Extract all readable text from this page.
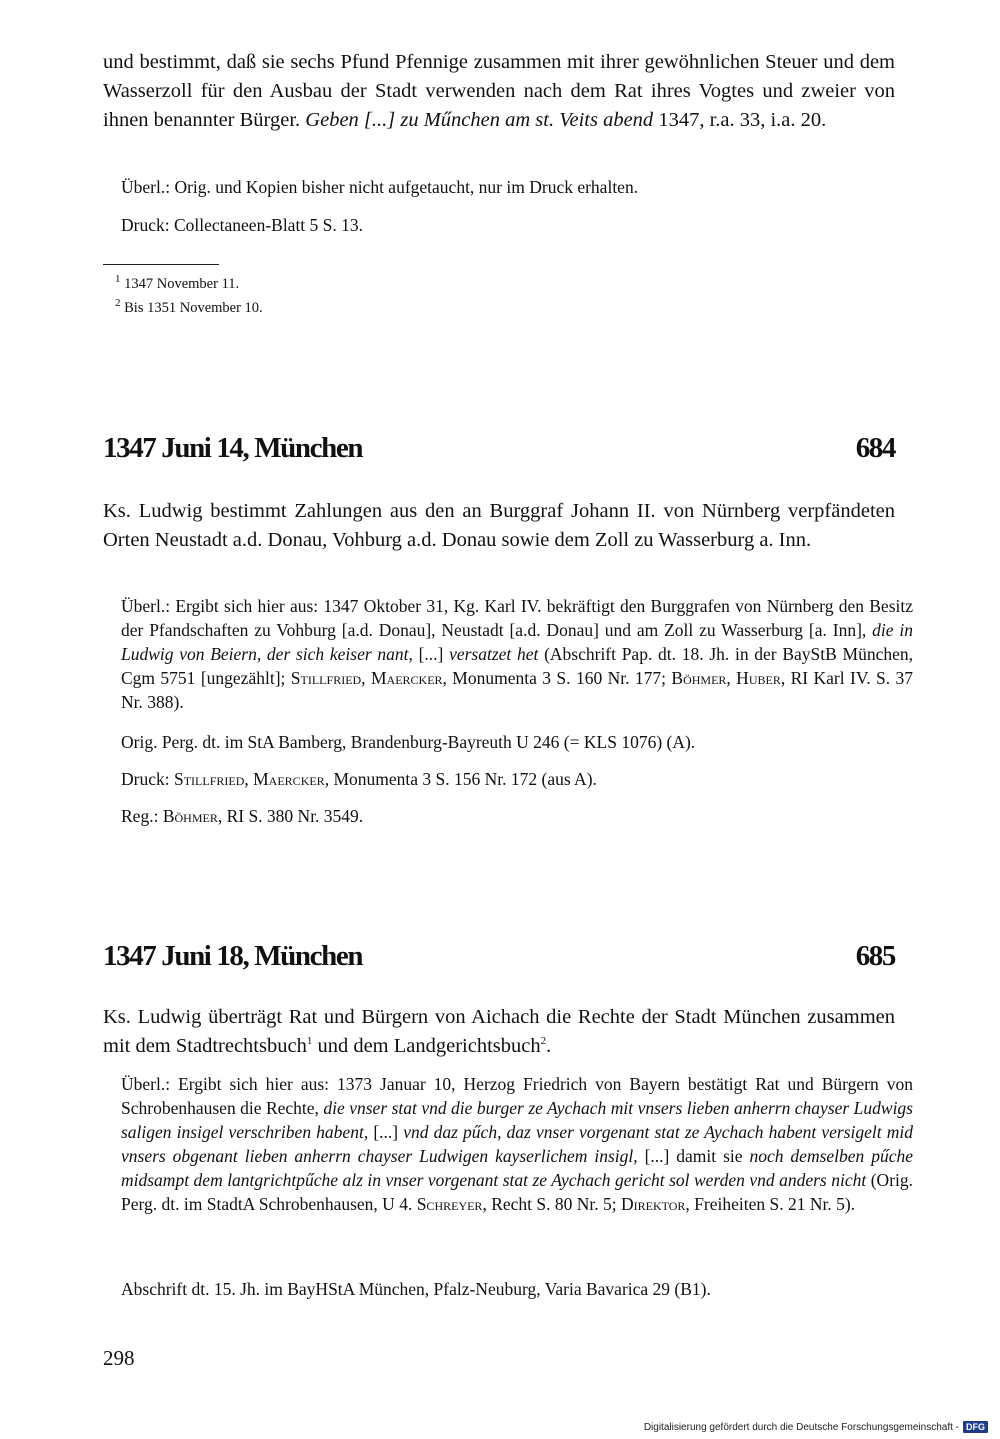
und bestimmt, daß sie sechs Pfund Pfennige zusammen mit ihrer gewöhnlichen Steuer und dem Wasserzoll für den Ausbau der Stadt verwenden nach dem Rat ihres Vogtes und zweier von ihnen benannter Bürger. Geben [...] zu Műnchen am st. Veits abend 1347, r.a. 33, i.a. 20.
Überl.: Orig. und Kopien bisher nicht aufgetaucht, nur im Druck erhalten.
Druck: Collectaneen-Blatt 5 S. 13.
$^1$ 1347 November 11.
$^2$ Bis 1351 November 10.
1347 Juni 14, München	684
Ks. Ludwig bestimmt Zahlungen aus den an Burggraf Johann II. von Nürnberg verpfändeten Orten Neustadt a.d. Donau, Vohburg a.d. Donau sowie dem Zoll zu Wasserburg a. Inn.
Überl.: Ergibt sich hier aus: 1347 Oktober 31, Kg. Karl IV. bekräftigt den Burggrafen von Nürnberg den Besitz der Pfandschaften zu Vohburg [a.d. Donau], Neustadt [a.d. Donau] und am Zoll zu Wasserburg [a. Inn], die in Ludwig von Beiern, der sich keiser nant, [...] versatzet het (Abschrift Pap. dt. 18. Jh. in der BayStB München, Cgm 5751 [ungezählt]; Stillfried, Maercker, Monumenta 3 S. 160 Nr. 177; Böhmer, Huber, RI Karl IV. S. 37 Nr. 388).
Orig. Perg. dt. im StA Bamberg, Brandenburg-Bayreuth U 246 (= KLS 1076) (A).
Druck: Stillfried, Maercker, Monumenta 3 S. 156 Nr. 172 (aus A).
Reg.: Böhmer, RI S. 380 Nr. 3549.
1347 Juni 18, München	685
Ks. Ludwig überträgt Rat und Bürgern von Aichach die Rechte der Stadt München zusammen mit dem Stadtrechtsbuch$^1$ und dem Landgerichtsbuch$^2$.
Überl.: Ergibt sich hier aus: 1373 Januar 10, Herzog Friedrich von Bayern bestätigt Rat und Bürgern von Schrobenhausen die Rechte, die vnser stat vnd die burger ze Aychach mit vnsers lieben anherrn chayser Ludwigs saligen insigel verschriben habent, [...] vnd daz pűch, daz vnser vorgenant stat ze Aychach habent versigelt mid vnsers obgenant lieben anherrn chayser Ludwigen kayserlichem insigl, [...] damit sie noch demselben pűche midsampt dem lantgrichtpűche alz in vnser vorgenant stat ze Aychach gericht sol werden vnd anders nicht (Orig. Perg. dt. im StadtA Schrobenhausen, U 4. Schreyer, Recht S. 80 Nr. 5; Direktor, Freiheiten S. 21 Nr. 5).
Abschrift dt. 15. Jh. im BayHStA München, Pfalz-Neuburg, Varia Bavarica 29 (B1).
298
Digitalisierung gefördert durch die Deutsche Forschungsgemeinschaft - DFG
